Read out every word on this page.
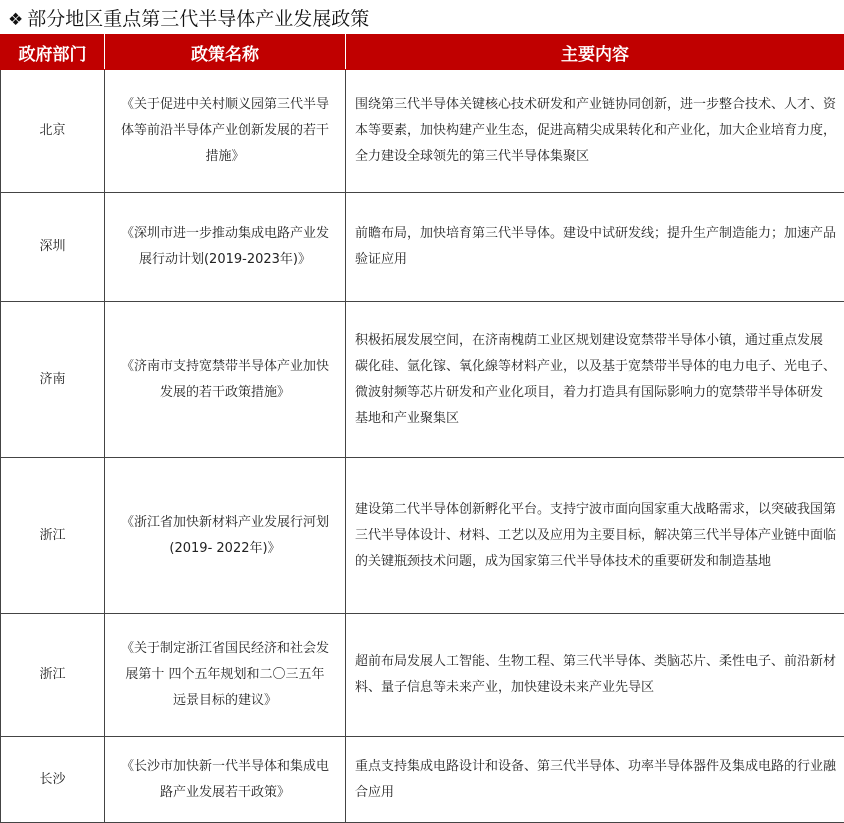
❖ 部分地区重点第三代半导体产业发展政策
政府部门	政策名称	主要内容
北京	《关于促进中关村顺义园第三代半导体等前沿半导体产业创新发展的若干措施》	围绕第三代半导体关键核心技术研发和产业链协同创新，进一步整合技术、人才、资本等要素，加快构建产业生态，促进高精尖成果转化和产业化，加大企业培育力度，全力建设全球领先的第三代半导体集聚区
深圳	《深圳市进一步推动集成电路产业发展行动计划(2019-2023年)》	前瞻布局，加快培育第三代半导体。建设中试研发线；提升生产制造能力；加速产品验证应用
济南	《济南市支持宽禁带半导体产业加快发展的若干政策措施》	积极拓展发展空间，在济南槐荫工业区规划建设宽禁带半导体小镇，通过重点发展 碳化硅、氩化镓、氧化線等材料产业，以及基于宽禁带半导体的电力电子、光电子、 微波射频等芯片研发和产业化项目，着力打造具有国际影响力的宽禁带半导体研发 基地和产业聚集区
浙江	《浙江省加快新材料产业发展行河划(2019- 2022年)》	建设第二代半导体创新孵化平台。支持宁波市面向国家重大战略需求，以突破我国第三代半导体设计、材料、工艺以及应用为主要目标，解决第三代半导体产业链中面临的关键瓶颈技术问题，成为国家第三代半导体技术的重要研发和制造基地
浙江	《关于制定浙江省国民经济和社会发展第十 四个五年规划和二〇三五年远景目标的建议》	超前布局发展人工智能、生物工程、第三代半导体、类脑芯片、柔性电子、前沿新材料、量子信息等未来产业，加快建设未来产业先导区
长沙	《长沙市加快新一代半导体和集成电路产业发展若干政策》	重点支持集成电路设计和设备、第三代半导体、功率半导体器件及集成电路的行业融合应用
